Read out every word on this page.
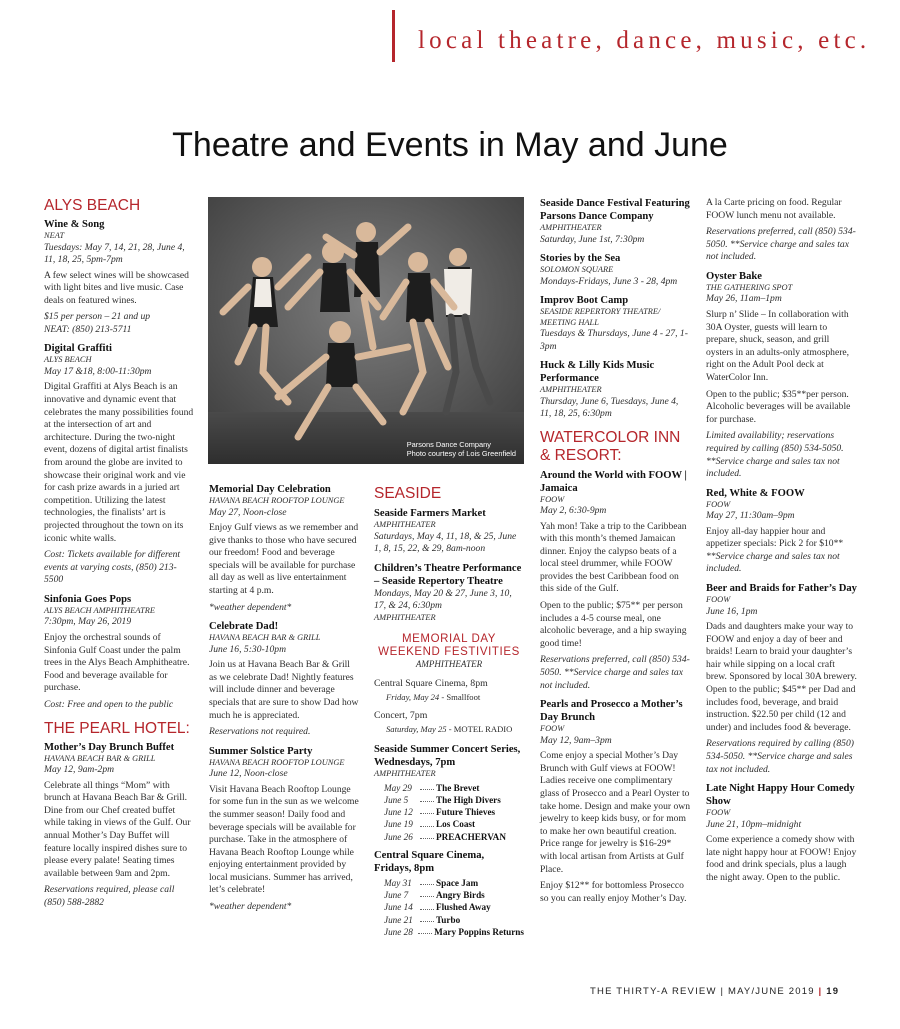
local theatre, dance, music, etc.
Theatre and Events in May and June
ALYS BEACH
Wine & Song
NEAT
Tuesdays: May 7, 14, 21, 28, June 4, 11, 18, 25, 5pm-7pm
A few select wines will be showcased with light bites and live music. Case deals on featured wines.
$15 per person – 21 and up
NEAT: (850) 213-5711
Digital Graffiti
ALYS BEACH
May 17 &18, 8:00-11:30pm
Digital Graffiti at Alys Beach is an innovative and dynamic event that celebrates the many possibilities found at the intersection of art and architecture. During the two-night event, dozens of digital artist finalists from around the globe are invited to showcase their original work and vie for cash prize awards in a juried art competition. Utilizing the latest technologies, the finalists’ art is projected throughout the town on its iconic white walls.
Cost: Tickets available for different events at varying costs, (850) 213-5500
Sinfonia Goes Pops
ALYS BEACH AMPHITHEATRE
7:30pm, May 26, 2019
Enjoy the orchestral sounds of Sinfonia Gulf Coast under the palm trees in the Alys Beach Amphitheatre. Food and beverage available for purchase.
Cost: Free and open to the public
THE PEARL HOTEL:
Mother’s Day Brunch Buffet
HAVANA BEACH BAR & GRILL
May 12, 9am-2pm
Celebrate all things “Mom” with brunch at Havana Beach Bar & Grill. Dine from our Chef created buffet while taking in views of the Gulf. Our annual Mother’s Day Buffet will feature locally inspired dishes sure to please every palate! Seating times available between 9am and 2pm.
Reservations required, please call (850) 588-2882
Parsons Dance Company
Photo courtesy of Lois Greenfield
Memorial Day Celebration
HAVANA BEACH ROOFTOP LOUNGE
May 27, Noon-close
Enjoy Gulf views as we remember and give thanks to those who have secured our freedom! Food and beverage specials will be available for purchase all day as well as live entertainment starting at 4 p.m.
*weather dependent*
Celebrate Dad!
HAVANA BEACH BAR & GRILL
June 16, 5:30-10pm
Join us at Havana Beach Bar & Grill as we celebrate Dad! Nightly features will include dinner and beverage specials that are sure to show Dad how much he is appreciated.
Reservations not required.
Summer Solstice Party
HAVANA BEACH ROOFTOP LOUNGE
June 12, Noon-close
Visit Havana Beach Rooftop Lounge for some fun in the sun as we welcome the summer season! Daily food and beverage specials will be available for purchase. Take in the atmosphere of Havana Beach Rooftop Lounge while enjoying entertainment provided by local musicians. Summer has arrived, let’s celebrate!
*weather dependent*
SEASIDE
Seaside Farmers Market
AMPHITHEATER
Saturdays, May 4, 11, 18, & 25, June 1, 8, 15, 22, & 29, 8am-noon
Children’s Theatre Performance – Seaside Repertory Theatre
Mondays, May 20 & 27, June 3, 10, 17, & 24, 6:30pm
AMPHITHEATER
MEMORIAL DAY WEEKEND FESTIVITIES
AMPHITHEATER
Central Square Cinema, 8pm
Friday, May 24 - Smallfoot
Concert, 7pm
Saturday, May 25 - MOTEL RADIO
Seaside Summer Concert Series, Wednesdays, 7pm
AMPHITHEATER
May 29	The Brevet
June 5	The High Divers
June 12	Future Thieves
June 19	Los Coast
June 26	PREACHERVAN
Central Square Cinema, Fridays, 8pm
May 31	Space Jam
June 7	Angry Birds
June 14	Flushed Away
June 21	Turbo
June 28	Mary Poppins Returns
Seaside Dance Festival Featuring Parsons Dance Company
AMPHITHEATER
Saturday, June 1st, 7:30pm
Stories by the Sea
SOLOMON SQUARE
Mondays-Fridays, June 3 - 28, 4pm
Improv Boot Camp
SEASIDE REPERTORY THEATRE/ MEETING HALL
Tuesdays & Thursdays, June 4 - 27, 1-3pm
Huck & Lilly Kids Music Performance
AMPHITHEATER
Thursday, June 6, Tuesdays, June 4, 11, 18, 25, 6:30pm
WATERCOLOR INN & RESORT:
Around the World with FOOW | Jamaica
FOOW
May 2, 6:30-9pm
Yah mon! Take a trip to the Caribbean with this month’s themed Jamaican dinner. Enjoy the calypso beats of a local steel drummer, while FOOW provides the best Caribbean food on this side of the Gulf.
Open to the public; $75** per person includes a 4-5 course meal, one alcoholic beverage, and a hip swaying good time!
Reservations preferred, call (850) 534-5050. **Service charge and sales tax not included.
Pearls and Prosecco a Mother’s Day Brunch
FOOW
May 12, 9am–3pm
Come enjoy a special Mother’s Day Brunch with Gulf views at FOOW! Ladies receive one complimentary glass of Prosecco and a Pearl Oyster to take home. Design and make your own jewelry to keep kids busy, or for mom to make her own beautiful creation. Price range for jewelry is $16-29* with local artisan from Artists at Gulf Place.
Enjoy $12** for bottomless Prosecco so you can really enjoy Mother’s Day.
A la Carte pricing on food. Regular FOOW lunch menu not available.
Reservations preferred, call (850) 534-5050. **Service charge and sales tax not included.
Oyster Bake
THE GATHERING SPOT
May 26, 11am–1pm
Slurp n’ Slide – In collaboration with 30A Oyster, guests will learn to prepare, shuck, season, and grill oysters in an adults-only atmosphere, right on the Adult Pool deck at WaterColor Inn.
Open to the public; $35**per person. Alcoholic beverages will be available for purchase.
Limited availability; reservations required by calling (850) 534-5050. **Service charge and sales tax not included.
Red, White & FOOW
FOOW
May 27, 11:30am–9pm
Enjoy all-day happier hour and appetizer specials: Pick 2 for $10**
**Service charge and sales tax not included.
Beer and Braids for Father’s Day
FOOW
June 16, 1pm
Dads and daughters make your way to FOOW and enjoy a day of beer and braids! Learn to braid your daughter’s hair while sipping on a local craft brew. Sponsored by local 30A brewery. Open to the public; $45** per Dad and includes food, beverage, and braid instruction. $22.50 per child (12 and under) and includes food & beverage.
Reservations required by calling (850) 534-5050. **Service charge and sales tax not included.
Late Night Happy Hour Comedy Show
FOOW
June 21, 10pm–midnight
Come experience a comedy show with late night happy hour at FOOW! Enjoy food and drink specials, plus a laugh the night away. Open to the public.
THE THIRTY-A REVIEW | MAY/JUNE 2019 | 19
